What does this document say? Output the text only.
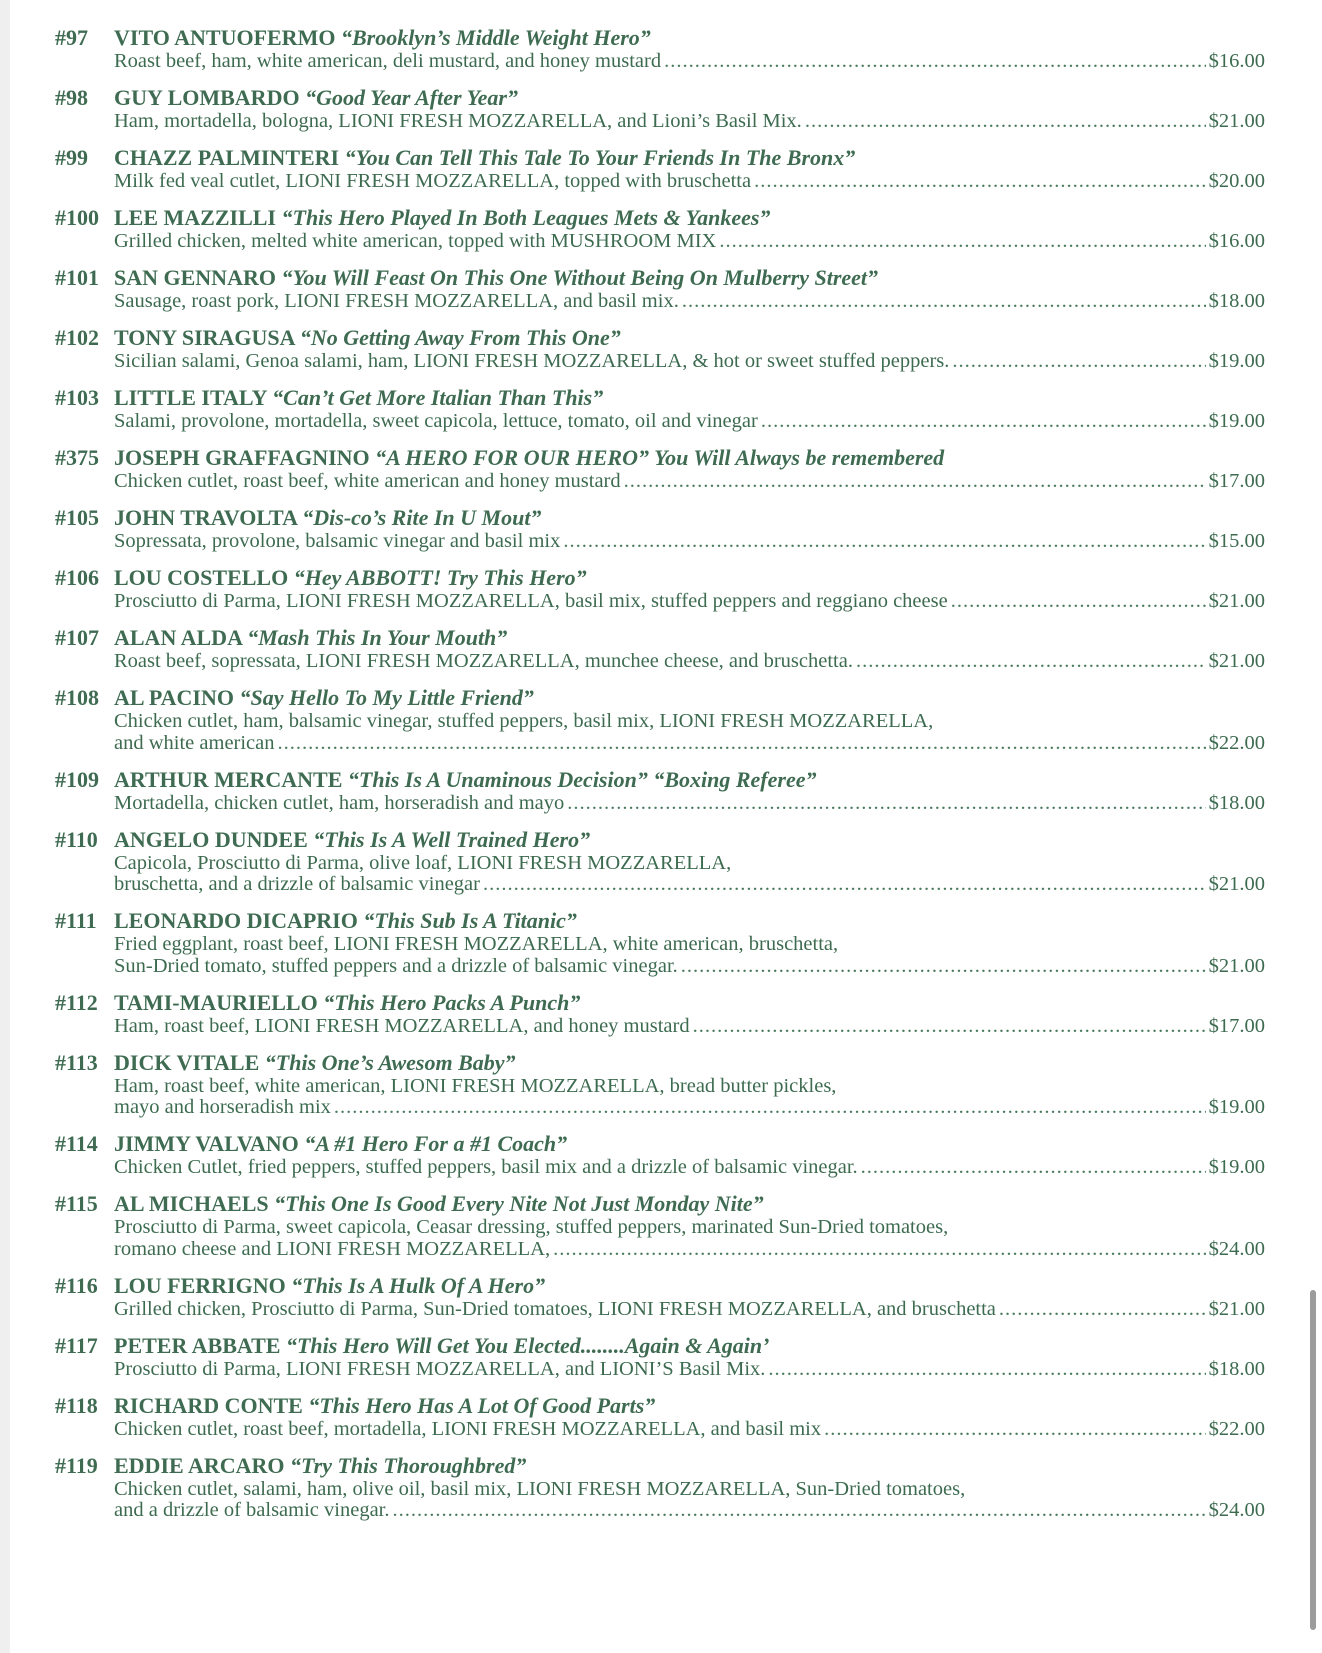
#97 VITO ANTUOFERMO “Brooklyn’s Middle Weight Hero”
Roast beef, ham, white american, deli mustard, and honey mustard .....	$16.00
#98 GUY LOMBARDO “Good Year After Year”
Ham, mortadella, bologna, LIONI FRESH MOZZARELLA, and Lioni’s Basil Mix. .....	$21.00
#99 CHAZZ PALMINTERI “You Can Tell This Tale To Your Friends In The Bronx”
Milk fed veal cutlet, LIONI FRESH MOZZARELLA, topped with bruschetta .....	$20.00
#100 LEE MAZZILLI “This Hero Played In Both Leagues Mets & Yankees”
Grilled chicken, melted white american, topped with MUSHROOM MIX .....	$16.00
#101 SAN GENNARO “You Will Feast On This One Without Being On Mulberry Street”
Sausage, roast pork, LIONI FRESH MOZZARELLA, and basil mix. .....	$18.00
#102 TONY SIRAGUSA “No Getting Away From This One”
Sicilian salami, Genoa salami, ham, LIONI FRESH MOZZARELLA, & hot or sweet stuffed peppers. .....	$19.00
#103 LITTLE ITALY “Can’t Get More Italian Than This”
Salami, provolone, mortadella, sweet capicola, lettuce, tomato, oil and vinegar .....	$19.00
#375 JOSEPH GRAFFAGNINO “A HERO FOR OUR HERO” You Will Always be remembered
Chicken cutlet, roast beef, white american and honey mustard .....	$17.00
#105 JOHN TRAVOLTA “Dis-co’s Rite In U Mout”
Sopressata, provolone, balsamic vinegar and basil mix .....	$15.00
#106 LOU COSTELLO “Hey ABBOTT! Try This Hero”
Prosciutto di Parma, LIONI FRESH MOZZARELLA, basil mix, stuffed peppers and reggiano cheese .....	$21.00
#107 ALAN ALDA “Mash This In Your Mouth”
Roast beef, sopressata, LIONI FRESH MOZZARELLA, munchee cheese, and bruschetta. .....	$21.00
#108 AL PACINO “Say Hello To My Little Friend”
Chicken cutlet, ham, balsamic vinegar, stuffed peppers, basil mix, LIONI FRESH MOZZARELLA,
and white american .....	$22.00
#109 ARTHUR MERCANTE “This Is A Unaminous Decision” “Boxing Referee”
Mortadella, chicken cutlet, ham, horseradish and mayo .....	$18.00
#110 ANGELO DUNDEE “This Is A Well Trained Hero”
Capicola, Prosciutto di Parma, olive loaf, LIONI FRESH MOZZARELLA,
bruschetta, and a drizzle of balsamic vinegar .....	$21.00
#111 LEONARDO DICAPRIO “This Sub Is A Titanic”
Fried eggplant, roast beef, LIONI FRESH MOZZARELLA, white american, bruschetta,
Sun-Dried tomato, stuffed peppers and a drizzle of balsamic vinegar. .....	$21.00
#112 TAMI-MAURIELLO “This Hero Packs A Punch”
Ham, roast beef, LIONI FRESH MOZZARELLA, and honey mustard .....	$17.00
#113 DICK VITALE “This One’s Awesom Baby”
Ham, roast beef, white american, LIONI FRESH MOZZARELLA, bread butter pickles,
mayo and horseradish mix .....	$19.00
#114 JIMMY VALVANO “A #1 Hero For a #1 Coach”
Chicken Cutlet, fried peppers, stuffed peppers, basil mix and a drizzle of balsamic vinegar. .....	$19.00
#115 AL MICHAELS “This One Is Good Every Nite Not Just Monday Nite”
Prosciutto di Parma, sweet capicola, Ceasar dressing, stuffed peppers, marinated Sun-Dried tomatoes,
romano cheese and LIONI FRESH MOZZARELLA, .....	$24.00
#116 LOU FERRIGNO “This Is A Hulk Of A Hero”
Grilled chicken, Prosciutto di Parma, Sun-Dried tomatoes, LIONI FRESH MOZZARELLA, and bruschetta .....	$21.00
#117 PETER ABBATE “This Hero Will Get You Elected........Again & Again’
Prosciutto di Parma, LIONI FRESH MOZZARELLA, and LIONI’S Basil Mix. .....	$18.00
#118 RICHARD CONTE “This Hero Has A Lot Of Good Parts”
Chicken cutlet, roast beef, mortadella, LIONI FRESH MOZZARELLA, and basil mix .....	$22.00
#119 EDDIE ARCARO “Try This Thoroughbred”
Chicken cutlet, salami, ham, olive oil, basil mix, LIONI FRESH MOZZARELLA, Sun-Dried tomatoes,
and a drizzle of balsamic vinegar. .....	$24.00
